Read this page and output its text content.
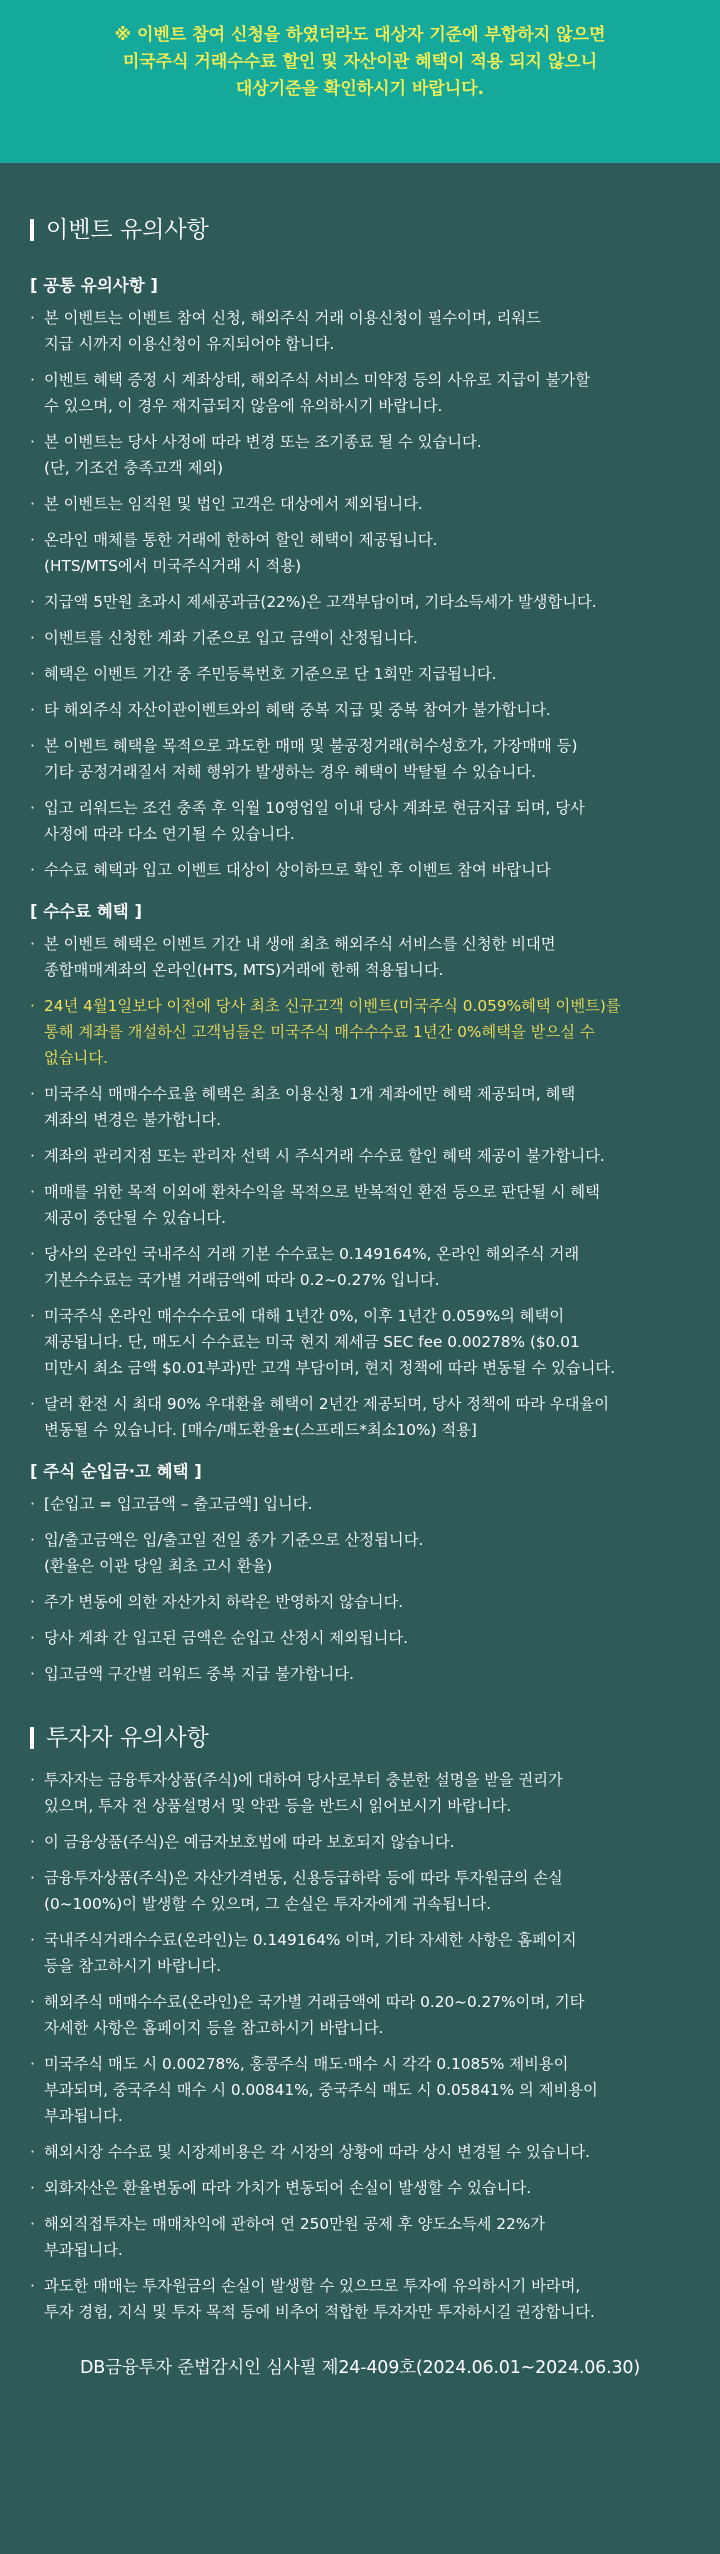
※ 이벤트 참여 신청을 하였더라도 대상자 기준에 부합하지 않으면
미국주식 거래수수료 할인 및 자산이관 혜택이 적용 되지 않으니
대상기준을 확인하시기 바랍니다.
이벤트 유의사항
[ 공통 유의사항 ]
· 본 이벤트는 이벤트 참여 신청, 해외주식 거래 이용신청이 필수이며, 리워드
지급 시까지 이용신청이 유지되어야 합니다.
· 이벤트 혜택 증정 시 계좌상태, 해외주식 서비스 미약정 등의 사유로 지급이 불가할
수 있으며, 이 경우 재지급되지 않음에 유의하시기 바랍니다.
· 본 이벤트는 당사 사정에 따라 변경 또는 조기종료 될 수 있습니다.
(단, 기조건 충족고객 제외)
· 본 이벤트는 임직원 및 법인 고객은 대상에서 제외됩니다.
· 온라인 매체를 통한 거래에 한하여 할인 혜택이 제공됩니다.
(HTS/MTS에서 미국주식거래 시 적용)
· 지급액 5만원 초과시 제세공과금(22%)은 고객부담이며, 기타소득세가 발생합니다.
· 이벤트를 신청한 계좌 기준으로 입고 금액이 산정됩니다.
· 혜택은 이벤트 기간 중 주민등록번호 기준으로 단 1회만 지급됩니다.
· 타 해외주식 자산이관이벤트와의 혜택 중복 지급 및 중복 참여가 불가합니다.
· 본 이벤트 혜택을 목적으로 과도한 매매 및 불공정거래(허수성호가, 가장매매 등)
기타 공정거래질서 저해 행위가 발생하는 경우 혜택이 박탈될 수 있습니다.
· 입고 리워드는 조건 충족 후 익월 10영업일 이내 당사 계좌로 현금지급 되며, 당사
사정에 따라 다소 연기될 수 있습니다.
· 수수료 혜택과 입고 이벤트 대상이 상이하므로 확인 후 이벤트 참여 바랍니다
[ 수수료 혜택 ]
· 본 이벤트 혜택은 이벤트 기간 내 생애 최초 해외주식 서비스를 신청한 비대면
종합매매계좌의 온라인(HTS, MTS)거래에 한해 적용됩니다.
· 24년 4월1일보다 이전에 당사 최초 신규고객 이벤트(미국주식 0.059%혜택 이벤트)를
통해 계좌를 개설하신 고객님들은 미국주식 매수수수료 1년간 0%혜택을 받으실 수
없습니다.
· 미국주식 매매수수료율 혜택은 최초 이용신청 1개 계좌에만 혜택 제공되며, 혜택
계좌의 변경은 불가합니다.
· 계좌의 관리지점 또는 관리자 선택 시 주식거래 수수료 할인 혜택 제공이 불가합니다.
· 매매를 위한 목적 이외에 환차수익을 목적으로 반복적인 환전 등으로 판단될 시 혜택
제공이 중단될 수 있습니다.
· 당사의 온라인 국내주식 거래 기본 수수료는 0.149164%, 온라인 해외주식 거래
기본수수료는 국가별 거래금액에 따라 0.2~0.27% 입니다.
· 미국주식 온라인 매수수수료에 대해 1년간 0%, 이후 1년간 0.059%의 혜택이
제공됩니다. 단, 매도시 수수료는 미국 현지 제세금 SEC fee 0.00278% ($0.01
미만시 최소 금액 $0.01부과)만 고객 부담이며, 현지 정책에 따라 변동될 수 있습니다.
· 달러 환전 시 최대 90% 우대환율 혜택이 2년간 제공되며, 당사 정책에 따라 우대율이
변동될 수 있습니다. [매수/매도환율±(스프레드*최소10%) 적용]
[ 주식 순입금·고 혜택 ]
· [순입고 = 입고금액 – 출고금액] 입니다.
· 입/출고금액은 입/출고일 전일 종가 기준으로 산정됩니다.
(환율은 이관 당일 최초 고시 환율)
· 주가 변동에 의한 자산가치 하락은 반영하지 않습니다.
· 당사 계좌 간 입고된 금액은 순입고 산정시 제외됩니다.
· 입고금액 구간별 리워드 중복 지급 불가합니다.
투자자 유의사항
· 투자자는 금융투자상품(주식)에 대하여 당사로부터 충분한 설명을 받을 권리가
있으며, 투자 전 상품설명서 및 약관 등을 반드시 읽어보시기 바랍니다.
· 이 금융상품(주식)은 예금자보호법에 따라 보호되지 않습니다.
· 금융투자상품(주식)은 자산가격변동, 신용등급하락 등에 따라 투자원금의 손실
(0~100%)이 발생할 수 있으며, 그 손실은 투자자에게 귀속됩니다.
· 국내주식거래수수료(온라인)는 0.149164% 이며, 기타 자세한 사항은 홈페이지
등을 참고하시기 바랍니다.
· 해외주식 매매수수료(온라인)은 국가별 거래금액에 따라 0.20~0.27%이며, 기타
자세한 사항은 홈페이지 등을 참고하시기 바랍니다.
· 미국주식 매도 시 0.00278%, 홍콩주식 매도·매수 시 각각 0.1085% 제비용이
부과되며, 중국주식 매수 시 0.00841%, 중국주식 매도 시 0.05841% 의 제비용이
부과됩니다.
· 해외시장 수수료 및 시장제비용은 각 시장의 상황에 따라 상시 변경될 수 있습니다.
· 외화자산은 환율변동에 따라 가치가 변동되어 손실이 발생할 수 있습니다.
· 해외직접투자는 매매차익에 관하여 연 250만원 공제 후 양도소득세 22%가
부과됩니다.
· 과도한 매매는 투자원금의 손실이 발생할 수 있으므로 투자에 유의하시기 바라며,
투자 경험, 지식 및 투자 목적 등에 비추어 적합한 투자자만 투자하시길 권장합니다.
DB금융투자 준법감시인 심사필 제24-409호(2024.06.01~2024.06.30)
